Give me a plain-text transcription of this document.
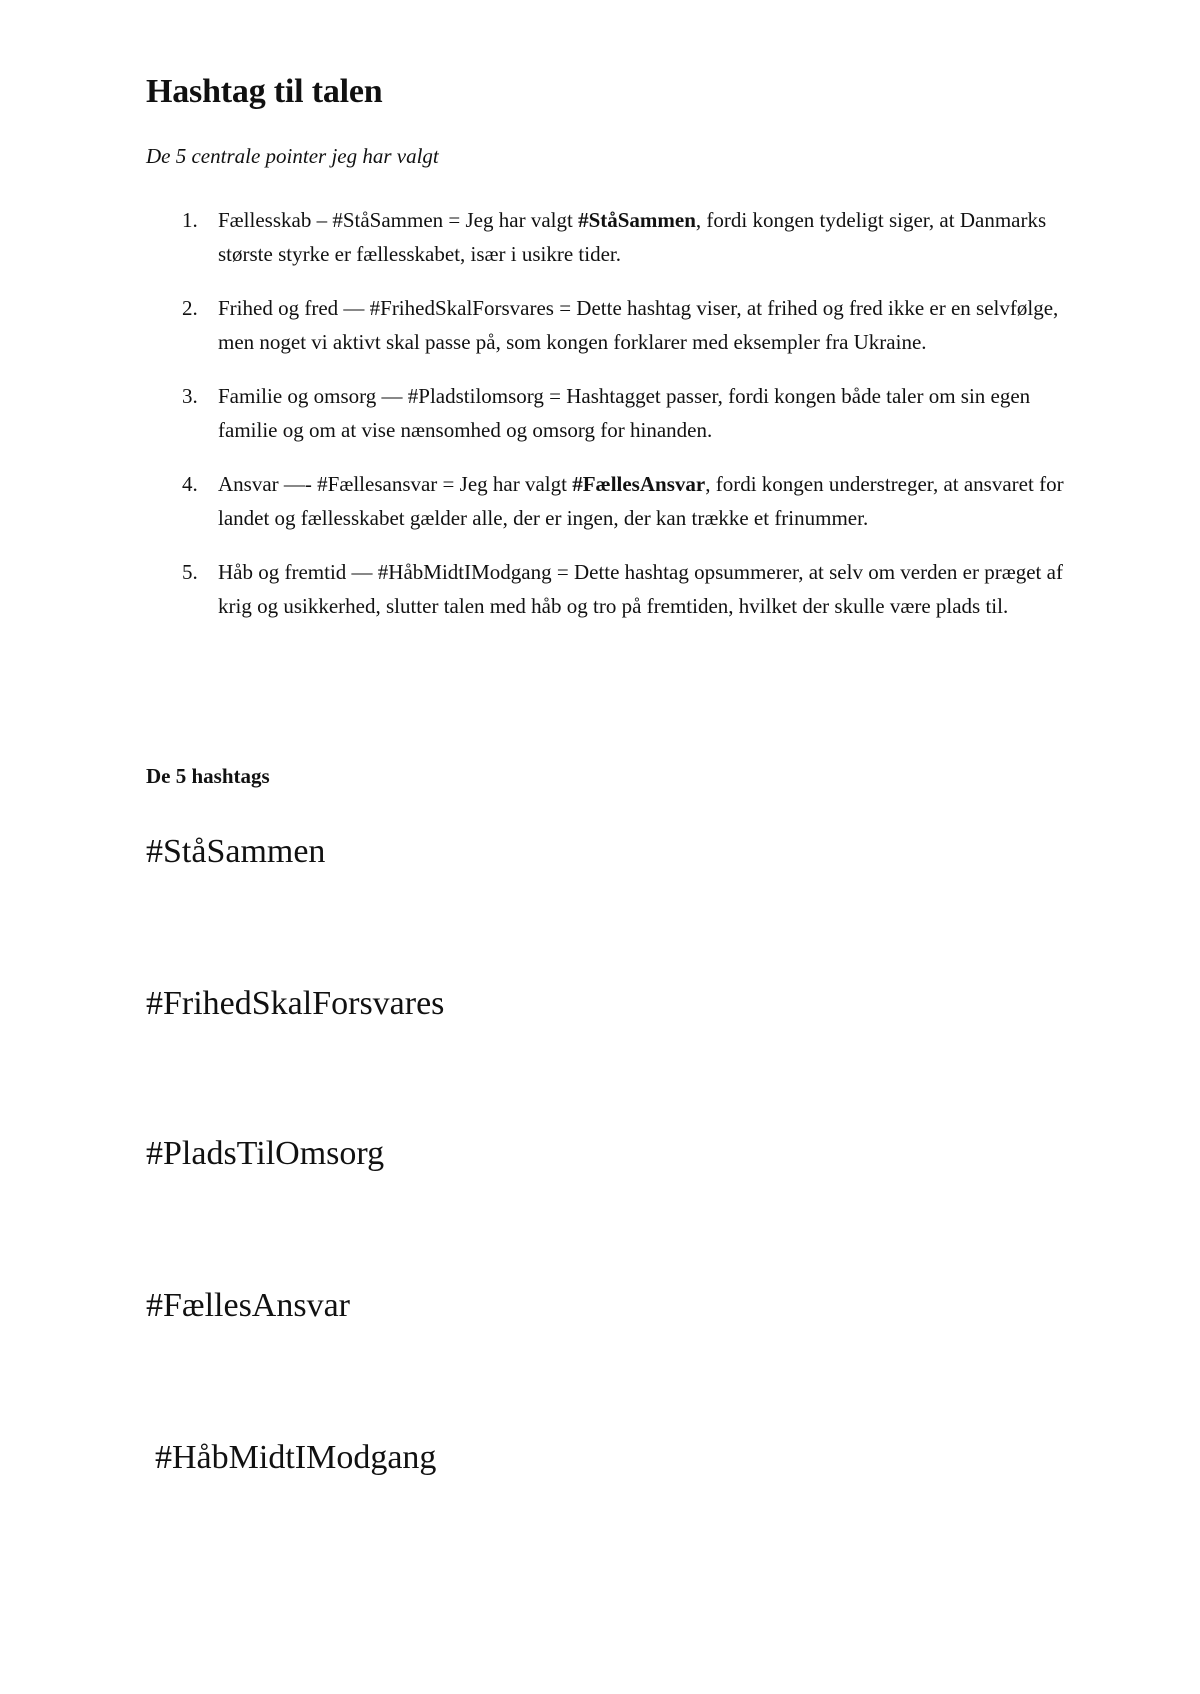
Hashtag til talen

De 5 centrale pointer jeg har valgt

1. Fællesskab – #StåSammen = Jeg har valgt #StåSammen, fordi kongen tydeligt siger, at Danmarks største styrke er fællesskabet, især i usikre tider.
2. Frihed og fred — #FrihedSkalForsvares = Dette hashtag viser, at frihed og fred ikke er en selvfølge, men noget vi aktivt skal passe på, som kongen forklarer med eksempler fra Ukraine.
3. Familie og omsorg — #Pladstilomsorg = Hashtagget passer, fordi kongen både taler om sin egen familie og om at vise nænsomhed og omsorg for hinanden.
4. Ansvar —- #Fællesansvar = Jeg har valgt #FællesAnsvar, fordi kongen understreger, at ansvaret for landet og fællesskabet gælder alle, der er ingen, der kan trække et frinummer.
5. Håb og fremtid — #HåbMidtIModgang = Dette hashtag opsummerer, at selv om verden er præget af krig og usikkerhed, slutter talen med håb og tro på fremtiden, hvilket der skulle være plads til.

De 5 hashtags

#StåSammen

#FrihedSkalForsvares

#PladsTilOmsorg

#FællesAnsvar

#HåbMidtIModgang
